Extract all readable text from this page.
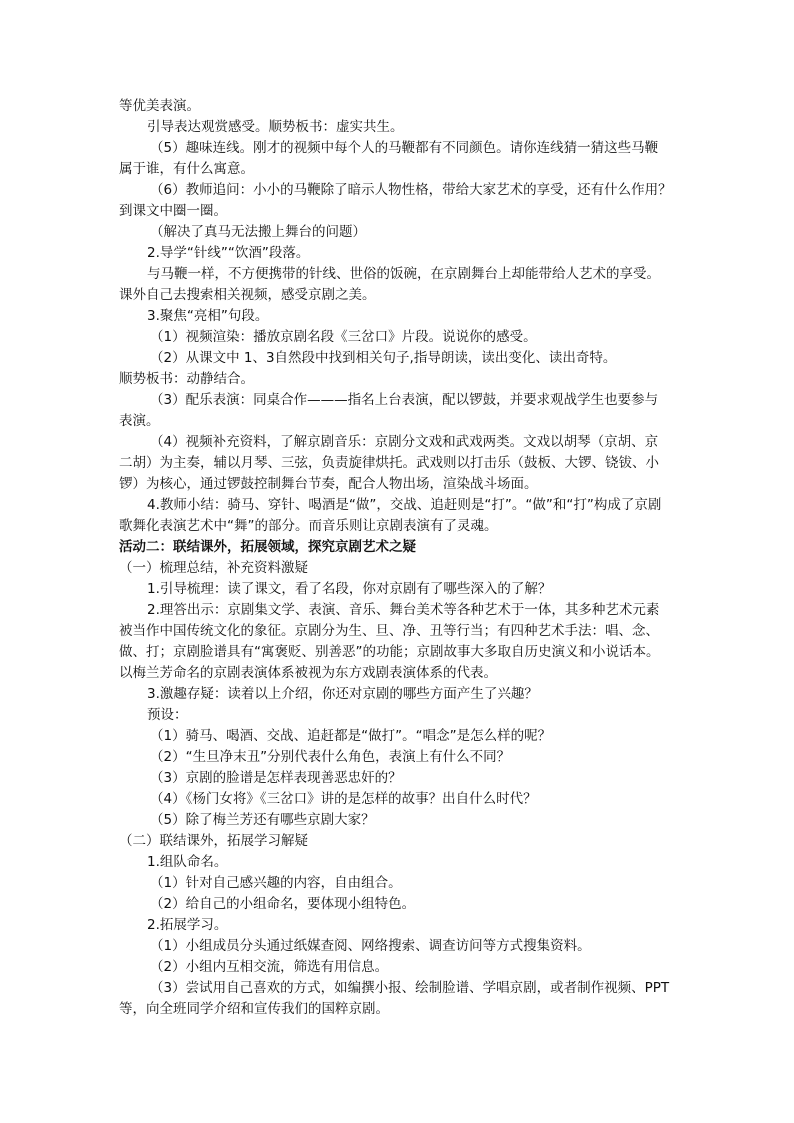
等优美表演。
引导表达观赏感受。顺势板书：虚实共生。
（5）趣味连线。刚才的视频中每个人的马鞭都有不同颜色。请你连线猜一猜这些马鞭
属于谁，有什么寓意。
（6）教师追问：小小的马鞭除了暗示人物性格，带给大家艺术的享受，还有什么作用？
到课文中圈一圈。
（解决了真马无法搬上舞台的问题）
2.导学“针线”“饮酒”段落。
与马鞭一样，不方便携带的针线、世俗的饭碗，在京剧舞台上却能带给人艺术的享受。
课外自己去搜索相关视频，感受京剧之美。
3.聚焦“亮相”句段。
（1）视频渲染：播放京剧名段《三岔口》片段。说说你的感受。
（2）从课文中 1、3自然段中找到相关句子,指导朗读，读出变化、读出奇特。
顺势板书：动静结合。
（3）配乐表演：同桌合作———指名上台表演，配以锣鼓，并要求观战学生也要参与
表演。
（4）视频补充资料，了解京剧音乐：京剧分文戏和武戏两类。文戏以胡琴（京胡、京
二胡）为主奏，辅以月琴、三弦，负责旋律烘托。武戏则以打击乐（鼓板、大锣、铙钹、小
锣）为核心，通过锣鼓控制舞台节奏，配合人物出场，渲染战斗场面。
4.教师小结：骑马、穿针、喝酒是“做”，交战、追赶则是“打”。“做”和“打”构成了京剧
歌舞化表演艺术中“舞”的部分。而音乐则让京剧表演有了灵魂。
活动二：联结课外，拓展领域，探究京剧艺术之疑
（一）梳理总结，补充资料激疑
1.引导梳理：读了课文，看了名段，你对京剧有了哪些深入的了解？
2.理答出示：京剧集文学、表演、音乐、舞台美术等各种艺术于一体，其多种艺术元素
被当作中国传统文化的象征。京剧分为生、旦、净、丑等行当；有四种艺术手法：唱、念、
做、打；京剧脸谱具有“寓褒贬、别善恶”的功能；京剧故事大多取自历史演义和小说话本。
以梅兰芳命名的京剧表演体系被视为东方戏剧表演体系的代表。
3.激趣存疑：读着以上介绍，你还对京剧的哪些方面产生了兴趣？
预设：
（1）骑马、喝酒、交战、追赶都是“做打”。“唱念”是怎么样的呢？
（2）“生旦净末丑”分别代表什么角色，表演上有什么不同？
（3）京剧的脸谱是怎样表现善恶忠奸的？
（4）《杨门女将》《三岔口》讲的是怎样的故事？出自什么时代？
（5）除了梅兰芳还有哪些京剧大家？
（二）联结课外，拓展学习解疑
1.组队命名。
（1）针对自己感兴趣的内容，自由组合。
（2）给自己的小组命名，要体现小组特色。
2.拓展学习。
（1）小组成员分头通过纸媒查阅、网络搜索、调查访问等方式搜集资料。
（2）小组内互相交流，筛选有用信息。
（3）尝试用自己喜欢的方式，如编撰小报、绘制脸谱、学唱京剧，或者制作视频、PPT
等，向全班同学介绍和宣传我们的国粹京剧。
